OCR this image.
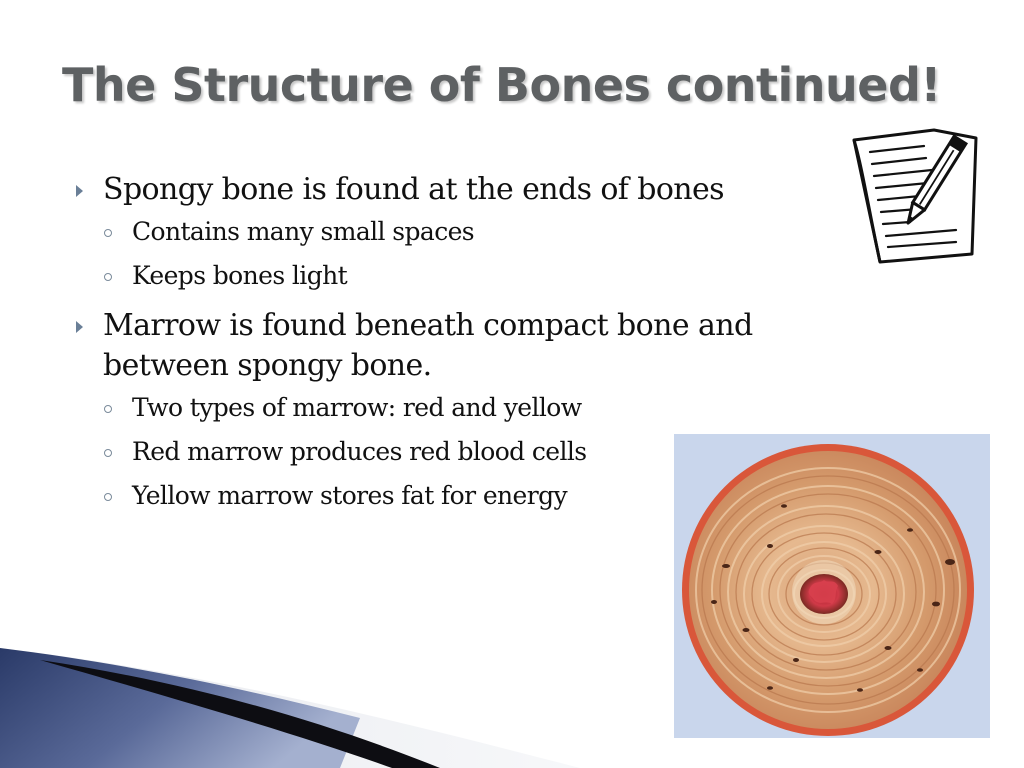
The Structure of Bones continued!
Spongy bone is found at the ends of bones
Contains many small spaces
Keeps bones light
Marrow is found beneath compact bone and between spongy bone.
Two types of marrow: red and yellow
Red marrow produces red blood cells
Yellow marrow stores fat for energy
